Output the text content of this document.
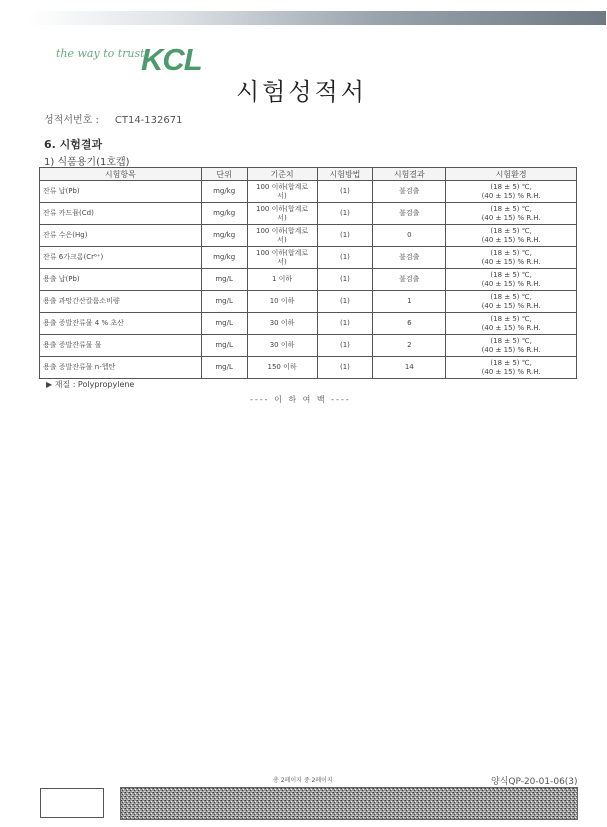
the way to trust
KCL
시험성적서
성적서번호 : CT14-132671
6. 시험결과
1) 식품용기(1호캡)
시험항목	단위	기준치	시험방법	시험결과	시험환경
잔류 납(Pb)	mg/kg	100 이하(합계로서)	(1)	불검출	(18 ± 5) ℃,
(40 ± 15) % R.H.

잔류 카드뮴(Cd)	mg/kg	100 이하(합계로서)	(1)	불검출	(18 ± 5) ℃,
(40 ± 15) % R.H.

잔류 수은(Hg)	mg/kg	100 이하(합계로서)	(1)	0	(18 ± 5) ℃,
(40 ± 15) % R.H.

잔류 6가크롬(Cr⁶⁺)	mg/kg	100 이하(합계로서)	(1)	불검출	(18 ± 5) ℃,
(40 ± 15) % R.H.

용출 납(Pb)	mg/L	1 이하	(1)	불검출	(18 ± 5) ℃,
(40 ± 15) % R.H.

용출 과망간산칼륨소비량	mg/L	10 이하	(1)	1	(18 ± 5) ℃,
(40 ± 15) % R.H.

용출 증발잔류물 4 % 초산	mg/L	30 이하	(1)	6	(18 ± 5) ℃,
(40 ± 15) % R.H.

용출 증발잔류물 물	mg/L	30 이하	(1)	2	(18 ± 5) ℃,
(40 ± 15) % R.H.

용출 증발잔류물 n-헵탄	mg/L	150 이하	(1)	14	(18 ± 5) ℃,
(40 ± 15) % R.H.
▶ 재질 : Polypropylene
---- 이 하 여 백 ----
총 2페이지 중 2페이지	양식QP-20-01-06(3)
